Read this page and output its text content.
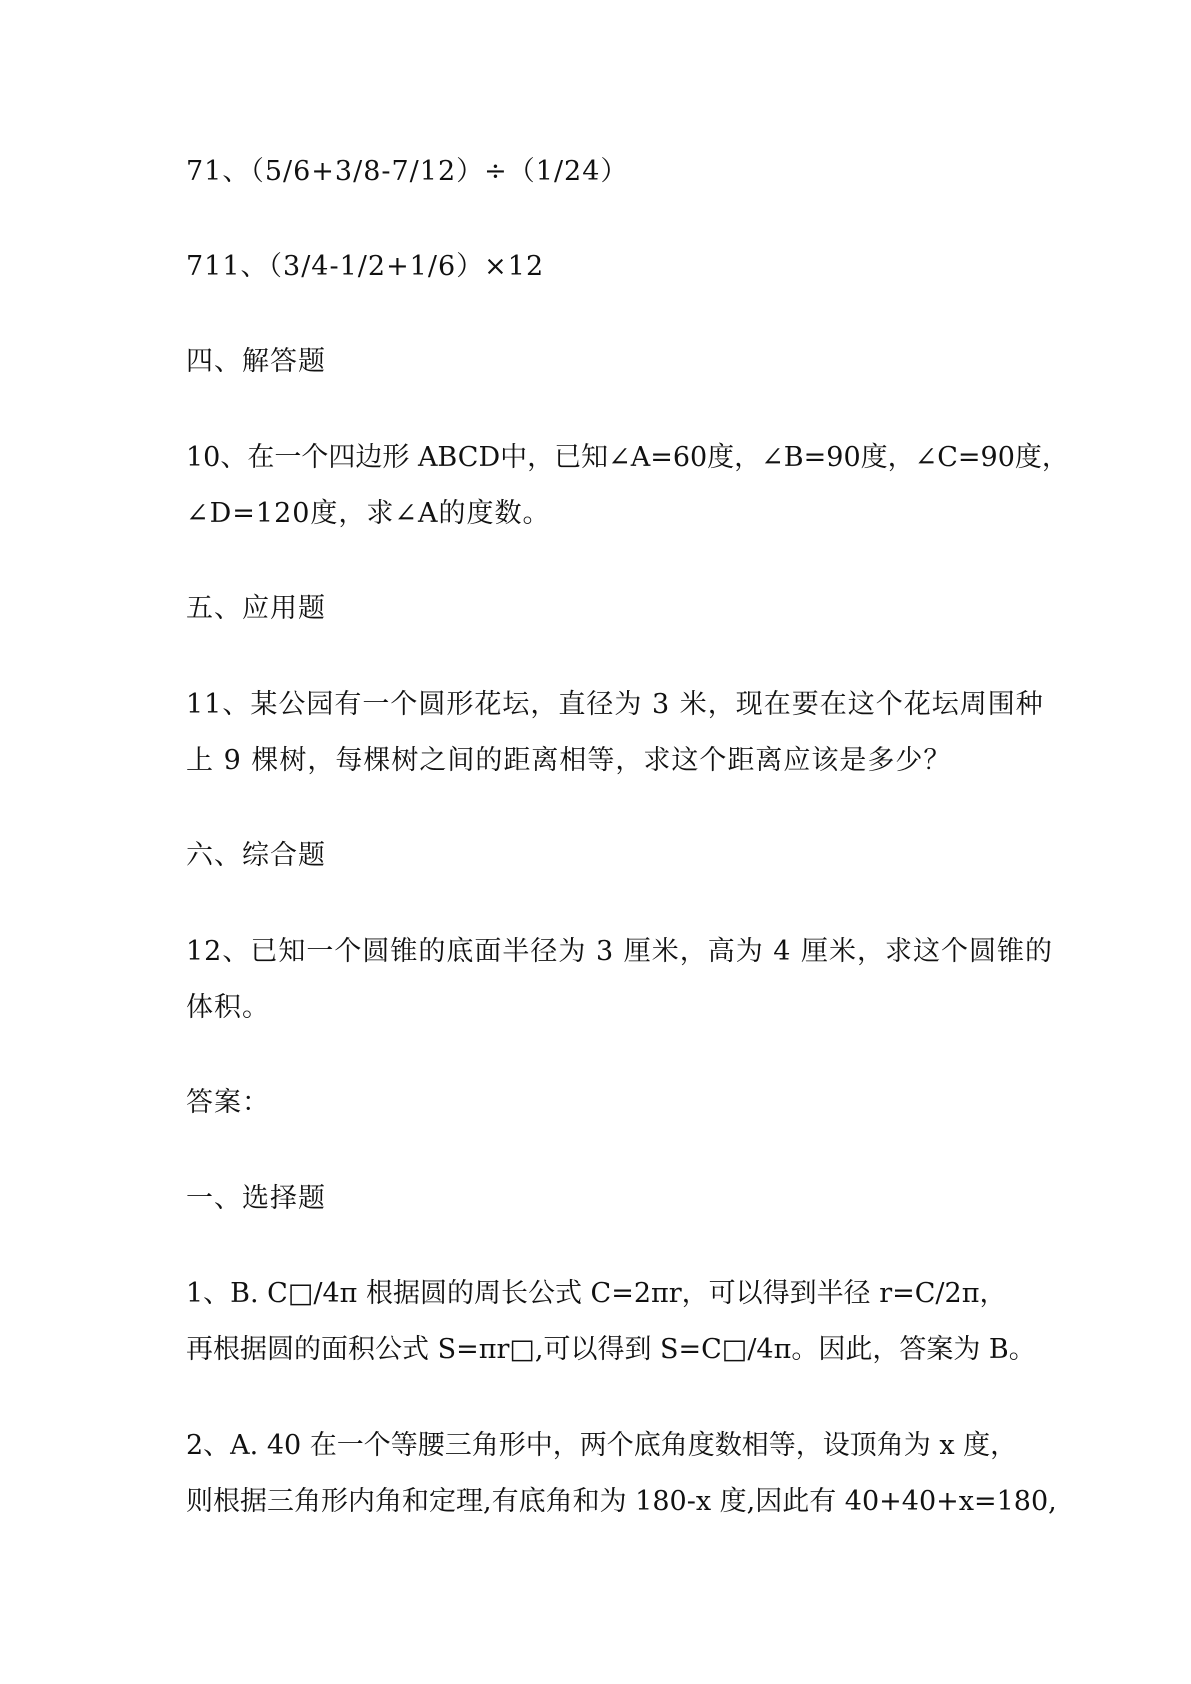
71、（5/6+3/8-7/12）÷（1/24）

711、（3/4-1/2+1/6）×12

四、解答题

10、在一个四边形 ABCD中，已知∠A=60度，∠B=90度，∠C=90度，

∠D=120度，求∠A的度数。

五、应用题

11、某公园有一个圆形花坛，直径为 3 米，现在要在这个花坛周围种

上 9 棵树，每棵树之间的距离相等，求这个距离应该是多少？

六、综合题

12、已知一个圆锥的底面半径为 3 厘米，高为 4 厘米，求这个圆锥的

体积。

答案：

一、选择题

1、B. C□/4π 根据圆的周长公式 C=2πr，可以得到半径 r=C/2π，

再根据圆的面积公式 S=πr□,可以得到 S=C□/4π。因此，答案为 B。

2、A. 40 在一个等腰三角形中，两个底角度数相等，设顶角为 x 度，

则根据三角形内角和定理,有底角和为 180-x 度,因此有 40+40+x=180,
